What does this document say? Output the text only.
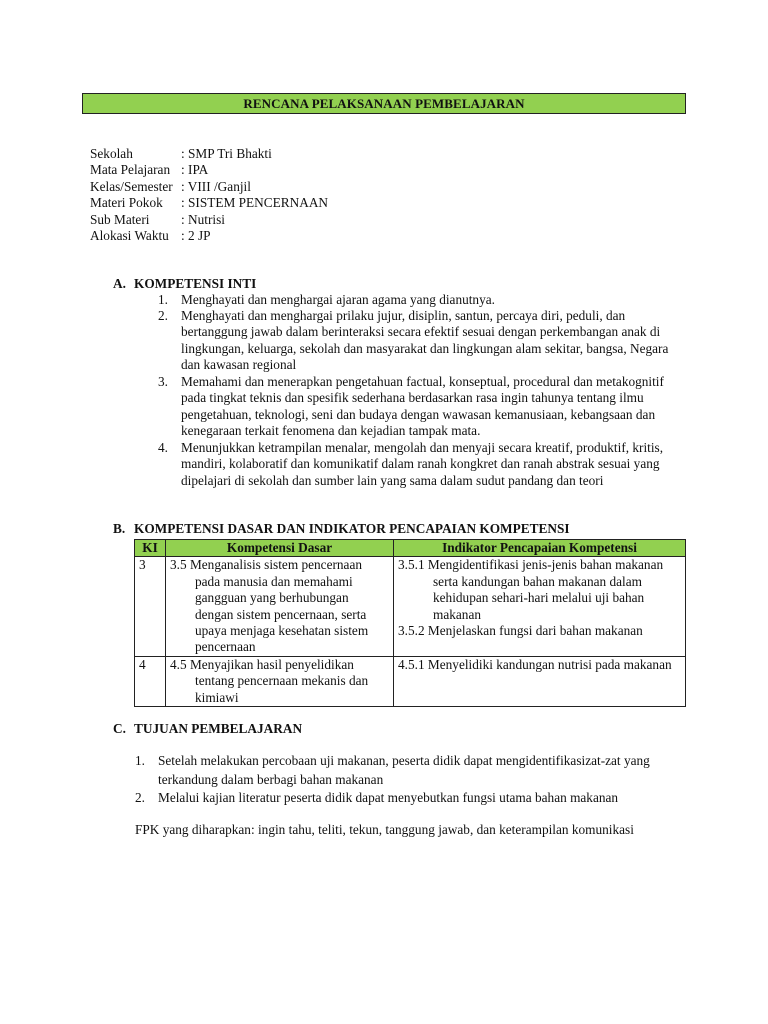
RENCANA PELAKSANAAN PEMBELAJARAN
Sekolah	: SMP Tri Bhakti
Mata Pelajaran : IPA
Kelas/Semester : VIII /Ganjil
Materi Pokok : SISTEM PENCERNAAN
Sub Materi : Nutrisi
Alokasi Waktu : 2 JP
A. KOMPETENSI INTI
1. Menghayati dan menghargai ajaran agama yang dianutnya.
2. Menghayati dan menghargai prilaku jujur, disiplin, santun, percaya diri, peduli, dan bertanggung jawab dalam berinteraksi secara efektif sesuai dengan perkembangan anak di lingkungan, keluarga, sekolah dan masyarakat dan lingkungan alam sekitar, bangsa, Negara dan kawasan regional
3. Memahami dan menerapkan pengetahuan factual, konseptual, procedural dan metakognitif pada tingkat teknis dan spesifik sederhana berdasarkan rasa ingin tahunya tentang ilmu pengetahuan, teknologi, seni dan budaya dengan wawasan kemanusiaan, kebangsaan dan kenegaraan terkait fenomena dan kejadian tampak mata.
4. Menunjukkan ketrampilan menalar, mengolah dan menyaji secara kreatif, produktif, kritis, mandiri, kolaboratif dan komunikatif dalam ranah kongkret dan ranah abstrak sesuai yang dipelajari di sekolah dan sumber lain yang sama dalam sudut pandang dan teori
B. KOMPETENSI DASAR DAN INDIKATOR PENCAPAIAN KOMPETENSI
KI	Kompetensi Dasar	Indikator Pencapaian Kompetensi
3	3.5 Menganalisis sistem pencernaan pada manusia dan memahami gangguan yang berhubungan dengan sistem pencernaan, serta upaya menjaga kesehatan sistem pencernaan	3.5.1 Mengidentifikasi jenis-jenis bahan makanan serta kandungan bahan makanan dalam kehidupan sehari-hari melalui uji bahan makanan
3.5.2 Menjelaskan fungsi dari bahan makanan

4	4.5 Menyajikan hasil penyelidikan tentang pencernaan mekanis dan kimiawi	4.5.1 Menyelidiki kandungan nutrisi pada makanan
C. TUJUAN PEMBELAJARAN
1. Setelah melakukan percobaan uji makanan, peserta didik dapat mengidentifikasizat-zat yang terkandung dalam berbagi bahan makanan
2. Melalui kajian literatur peserta didik dapat menyebutkan fungsi utama bahan makanan
FPK yang diharapkan: ingin tahu, teliti, tekun, tanggung jawab, dan keterampilan komunikasi
